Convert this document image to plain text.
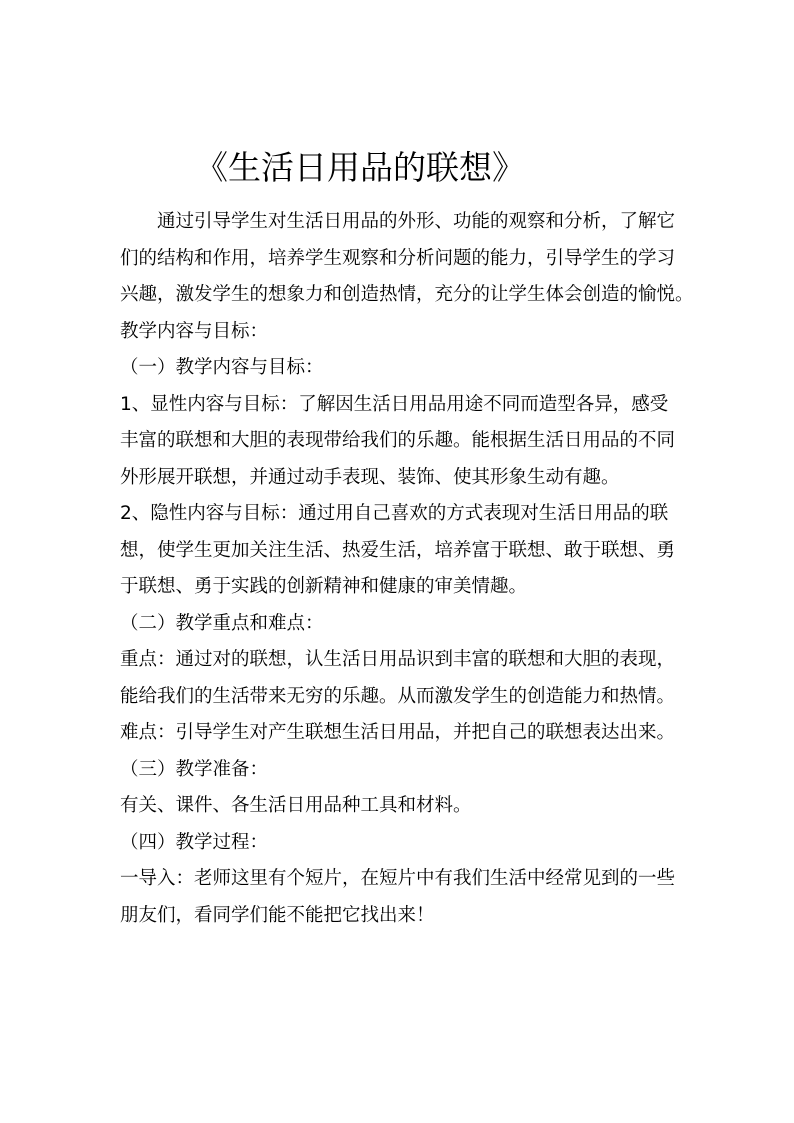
《生活日用品的联想》

通过引导学生对生活日用品的外形、功能的观察和分析，了解它
们的结构和作用，培养学生观察和分析问题的能力，引导学生的学习
兴趣，激发学生的想象力和创造热情，充分的让学生体会创造的愉悦。

教学内容与目标：

（一）教学内容与目标：

1、显性内容与目标：了解因生活日用品用途不同而造型各异，感受
丰富的联想和大胆的表现带给我们的乐趣。能根据生活日用品的不同
外形展开联想，并通过动手表现、装饰、使其形象生动有趣。

2、隐性内容与目标：通过用自己喜欢的方式表现对生活日用品的联
想，使学生更加关注生活、热爱生活，培养富于联想、敢于联想、勇
于联想、勇于实践的创新精神和健康的审美情趣。

（二）教学重点和难点：

重点：通过对的联想，认生活日用品识到丰富的联想和大胆的表现，
能给我们的生活带来无穷的乐趣。从而激发学生的创造能力和热情。

难点：引导学生对产生联想生活日用品，并把自己的联想表达出来。

（三）教学准备：

有关、课件、各生活日用品种工具和材料。

（四）教学过程：

一导入：老师这里有个短片，在短片中有我们生活中经常见到的一些
朋友们，看同学们能不能把它找出来！
